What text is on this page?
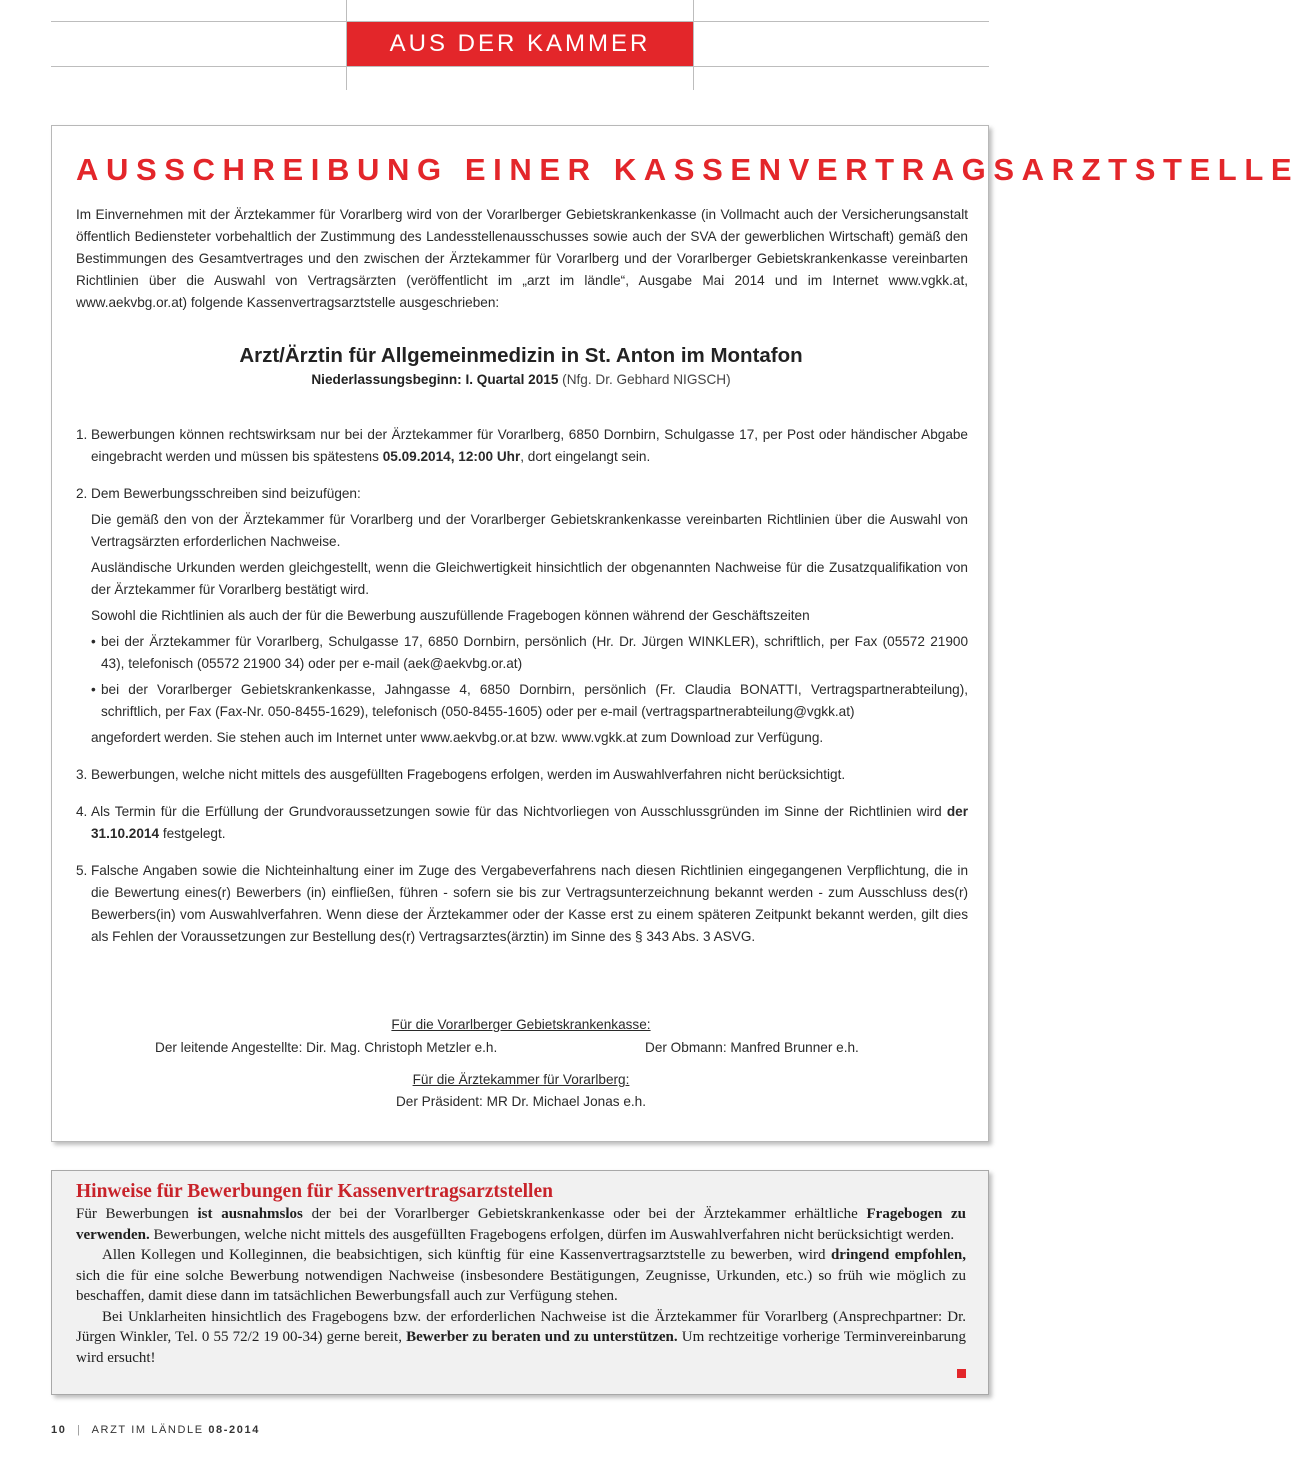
AUS DER KAMMER
AUSSCHREIBUNG EINER KASSENVERTRAGSARZTSTELLE
Im Einvernehmen mit der Ärztekammer für Vorarlberg wird von der Vorarlberger Gebietskrankenkasse (in Vollmacht auch der Versicherungsanstalt öffentlich Bediensteter vorbehaltlich der Zustimmung des Landesstellenausschusses sowie auch der SVA der gewerblichen Wirtschaft) gemäß den Bestimmungen des Gesamtvertrages und den zwischen der Ärztekammer für Vorarlberg und der Vorarlberger Gebietskrankenkasse vereinbarten Richtlinien über die Auswahl von Vertragsärzten (veröffentlicht im „arzt im ländle“, Ausgabe Mai 2014 und im Internet www.vgkk.at, www.aekvbg.or.at) folgende Kassenvertragsarztstelle ausgeschrieben:
Arzt/Ärztin für Allgemeinmedizin in St. Anton im Montafon
Niederlassungsbeginn: I. Quartal 2015 (Nfg. Dr. Gebhard NIGSCH)
1. Bewerbungen können rechtswirksam nur bei der Ärztekammer für Vorarlberg, 6850 Dornbirn, Schulgasse 17, per Post oder händischer Abgabe eingebracht werden und müssen bis spätestens 05.09.2014, 12:00 Uhr, dort eingelangt sein.

2. Dem Bewerbungsschreiben sind beizufügen:

Die gemäß den von der Ärztekammer für Vorarlberg und der Vorarlberger Gebietskrankenkasse vereinbarten Richtlinien über die Auswahl von Vertragsärzten erforderlichen Nachweise.

Ausländische Urkunden werden gleichgestellt, wenn die Gleichwertigkeit hinsichtlich der obgenannten Nachweise für die Zusatzqualifikation von der Ärztekammer für Vorarlberg bestätigt wird.

Sowohl die Richtlinien als auch der für die Bewerbung auszufüllende Fragebogen können während der Geschäftszeiten

• bei der Ärztekammer für Vorarlberg, Schulgasse 17, 6850 Dornbirn, persönlich (Hr. Dr. Jürgen WINKLER), schriftlich, per Fax (05572 21900 43), telefonisch (05572 21900 34) oder per e-mail (aek@aekvbg.or.at)
• bei der Vorarlberger Gebietskrankenkasse, Jahngasse 4, 6850 Dornbirn, persönlich (Fr. Claudia BONATTI, Vertragspartnerabteilung), schriftlich, per Fax (Fax-Nr. 050-8455-1629), telefonisch (050-8455-1605) oder per e-mail (vertragspartnerabteilung@vgkk.at)

angefordert werden. Sie stehen auch im Internet unter www.aekvbg.or.at bzw. www.vgkk.at zum Download zur Verfügung.

3. Bewerbungen, welche nicht mittels des ausgefüllten Fragebogens erfolgen, werden im Auswahlverfahren nicht berücksichtigt.

4. Als Termin für die Erfüllung der Grundvoraussetzungen sowie für das Nichtvorliegen von Ausschlussgründen im Sinne der Richtlinien wird der 31.10.2014 festgelegt.

5. Falsche Angaben sowie die Nichteinhaltung einer im Zuge des Vergabeverfahrens nach diesen Richtlinien eingegangenen Verpflichtung, die in die Bewertung eines(r) Bewerbers (in) einfließen, führen - sofern sie bis zur Vertragsunterzeichnung bekannt werden - zum Ausschluss des(r) Bewerbers(in) vom Auswahlverfahren. Wenn diese der Ärztekammer oder der Kasse erst zu einem späteren Zeitpunkt bekannt werden, gilt dies als Fehlen der Voraussetzungen zur Bestellung des(r) Vertragsarztes(ärztin) im Sinne des § 343 Abs. 3 ASVG.

Für die Vorarlberger Gebietskrankenkasse:
Der leitende Angestellte: Dir. Mag. Christoph Metzler e.h.	Der Obmann: Manfred Brunner e.h.
Für die Ärztekammer für Vorarlberg:
Der Präsident: MR Dr. Michael Jonas e.h.
Hinweise für Bewerbungen für Kassenvertragsarztstellen

Für Bewerbungen ist ausnahmslos der bei der Vorarlberger Gebietskrankenkasse oder bei der Ärztekammer erhältliche Fragebogen zu verwenden. Bewerbungen, welche nicht mittels des ausgefüllten Fragebogens erfolgen, dürfen im Auswahlverfahren nicht berücksichtigt werden.

Allen Kollegen und Kolleginnen, die beabsichtigen, sich künftig für eine Kassenvertragsarztstelle zu bewerben, wird dringend empfohlen, sich die für eine solche Bewerbung notwendigen Nachweise (insbesondere Bestätigungen, Zeugnisse, Urkunden, etc.) so früh wie möglich zu beschaffen, damit diese dann im tatsächlichen Bewerbungsfall auch zur Verfügung stehen.

Bei Unklarheiten hinsichtlich des Fragebogens bzw. der erforderlichen Nachweise ist die Ärztekammer für Vorarlberg (Ansprechpartner: Dr. Jürgen Winkler, Tel. 0 55 72/2 19 00-34) gerne bereit, Bewerber zu beraten und zu unterstützen. Um rechtzeitige vorherige Terminvereinbarung wird ersucht!

10 | ARZT IM LÄNDLE 08-2014
